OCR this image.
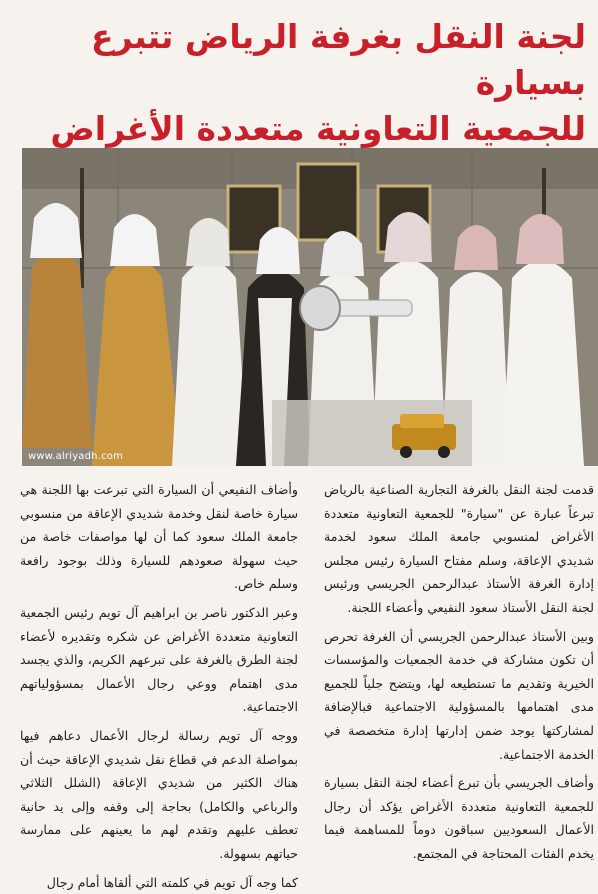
لجنة النقل بغرفة الرياض تتبرع بسيارة
للجمعية التعاونية متعددة الأغراض
www.alriyadh.com

قدمت لجنة النقل بالغرفة التجارية الصناعية بالرياض تبرعاً عبارة عن "سيارة" للجمعية التعاونية متعددة الأغراض لمنسوبي جامعة الملك سعود لخدمة شديدي الإعاقة، وسلم مفتاح السيارة رئيس مجلس إدارة الغرفة الأستاذ عبدالرحمن الجريسي ورئيس لجنة النقل الأستاذ سعود النفيعي وأعضاء اللجنة.

وبين الأستاذ عبدالرحمن الجريسي أن الغرفة تحرص أن تكون مشاركة في خدمة الجمعيات والمؤسسات الخيرية وتقديم ما تستطيعه لها، ويتضح جلياً للجميع مدى اهتمامها بالمسؤولية الاجتماعية فبالإضافة لمشاركتها يوجد ضمن إدارتها إدارة متخصصة في الخدمة الاجتماعية.

وأضاف الجريسي بأن تبرع أعضاء لجنة النقل بسيارة للجمعية التعاونية متعددة الأغراض يؤكد أن رجال الأعمال السعوديين سباقون دوماً للمساهمة فيما يخدم الفئات المحتاجة في المجتمع.

وأضاف النفيعي أن السيارة التي تبرعت بها اللجنة هي سيارة خاصة لنقل وخدمة شديدي الإعاقة من منسوبي جامعة الملك سعود كما أن لها مواصفات خاصة من حيث سهولة صعودهم للسيارة وذلك بوجود رافعة وسلم خاص.

وعبر الدكتور ناصر بن ابراهيم آل تويم رئيس الجمعية التعاونية متعددة الأغراض عن شكره وتقديره لأعضاء لجنة الطرق بالغرفة على تبرعهم الكريم، والذي يجسد مدى اهتمام ووعي رجال الأعمال بمسؤولياتهم الاجتماعية.

ووجه آل تويم رسالة لرجال الأعمال دعاهم فيها بمواصلة الدعم في قطاع نقل شديدي الإعاقة حيث أن هناك الكثير من شديدي الإعاقة (الشلل الثلاثي والرباعي والكامل) بحاجة إلى وقفه وإلى يد حانية تعطف عليهم وتقدم لهم ما يعينهم على ممارسة حياتهم بسهولة.

كما وجه آل تويم في كلمته التي ألقاها أمام رجال
